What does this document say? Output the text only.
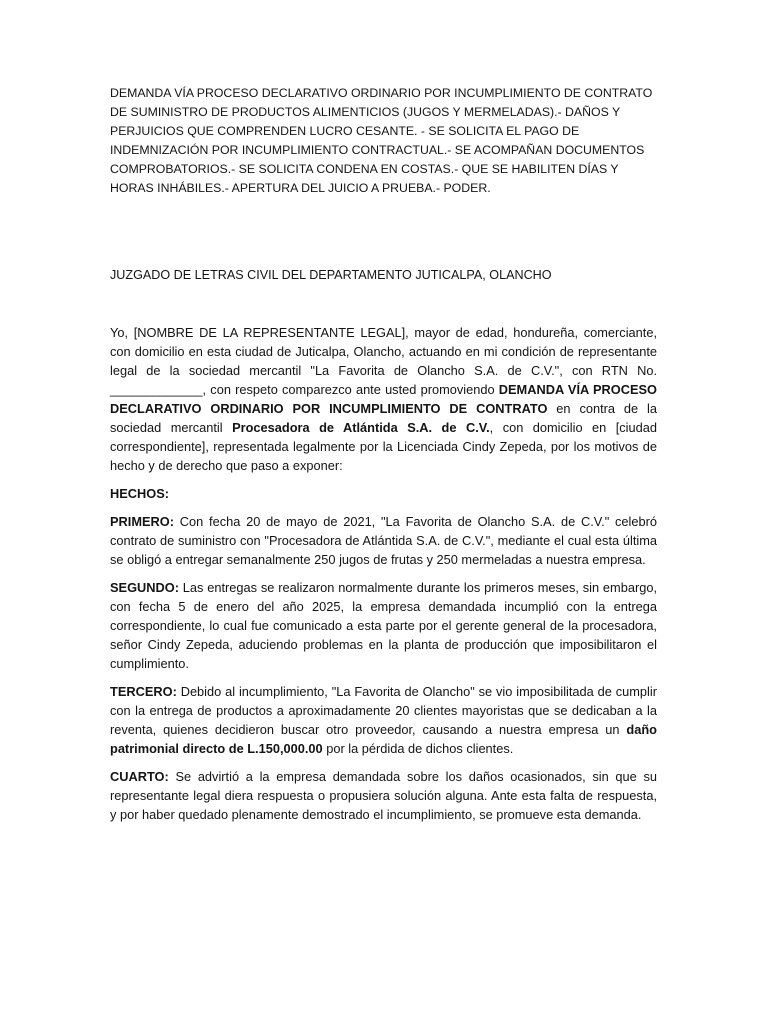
DEMANDA VÍA PROCESO DECLARATIVO ORDINARIO POR INCUMPLIMIENTO DE CONTRATO DE SUMINISTRO DE PRODUCTOS ALIMENTICIOS (JUGOS Y MERMELADAS).- DAÑOS Y PERJUICIOS QUE COMPRENDEN LUCRO CESANTE. - SE SOLICITA EL PAGO DE INDEMNIZACIÓN POR INCUMPLIMIENTO CONTRACTUAL.- SE ACOMPAÑAN DOCUMENTOS COMPROBATORIOS.- SE SOLICITA CONDENA EN COSTAS.- QUE SE HABILITEN DÍAS Y HORAS INHÁBILES.- APERTURA DEL JUICIO A PRUEBA.- PODER.

JUZGADO DE LETRAS CIVIL DEL DEPARTAMENTO JUTICALPA, OLANCHO

Yo, [NOMBRE DE LA REPRESENTANTE LEGAL], mayor de edad, hondureña, comerciante, con domicilio en esta ciudad de Juticalpa, Olancho, actuando en mi condición de representante legal de la sociedad mercantil "La Favorita de Olancho S.A. de C.V.", con RTN No. _____________, con respeto comparezco ante usted promoviendo DEMANDA VÍA PROCESO DECLARATIVO ORDINARIO POR INCUMPLIMIENTO DE CONTRATO en contra de la sociedad mercantil Procesadora de Atlántida S.A. de C.V., con domicilio en [ciudad correspondiente], representada legalmente por la Licenciada Cindy Zepeda, por los motivos de hecho y de derecho que paso a exponer:

HECHOS:

PRIMERO: Con fecha 20 de mayo de 2021, "La Favorita de Olancho S.A. de C.V." celebró contrato de suministro con "Procesadora de Atlántida S.A. de C.V.", mediante el cual esta última se obligó a entregar semanalmente 250 jugos de frutas y 250 mermeladas a nuestra empresa.

SEGUNDO: Las entregas se realizaron normalmente durante los primeros meses, sin embargo, con fecha 5 de enero del año 2025, la empresa demandada incumplió con la entrega correspondiente, lo cual fue comunicado a esta parte por el gerente general de la procesadora, señor Cindy Zepeda, aduciendo problemas en la planta de producción que imposibilitaron el cumplimiento.

TERCERO: Debido al incumplimiento, "La Favorita de Olancho" se vio imposibilitada de cumplir con la entrega de productos a aproximadamente 20 clientes mayoristas que se dedicaban a la reventa, quienes decidieron buscar otro proveedor, causando a nuestra empresa un daño patrimonial directo de L.150,000.00 por la pérdida de dichos clientes.

CUARTO: Se advirtió a la empresa demandada sobre los daños ocasionados, sin que su representante legal diera respuesta o propusiera solución alguna. Ante esta falta de respuesta, y por haber quedado plenamente demostrado el incumplimiento, se promueve esta demanda.
